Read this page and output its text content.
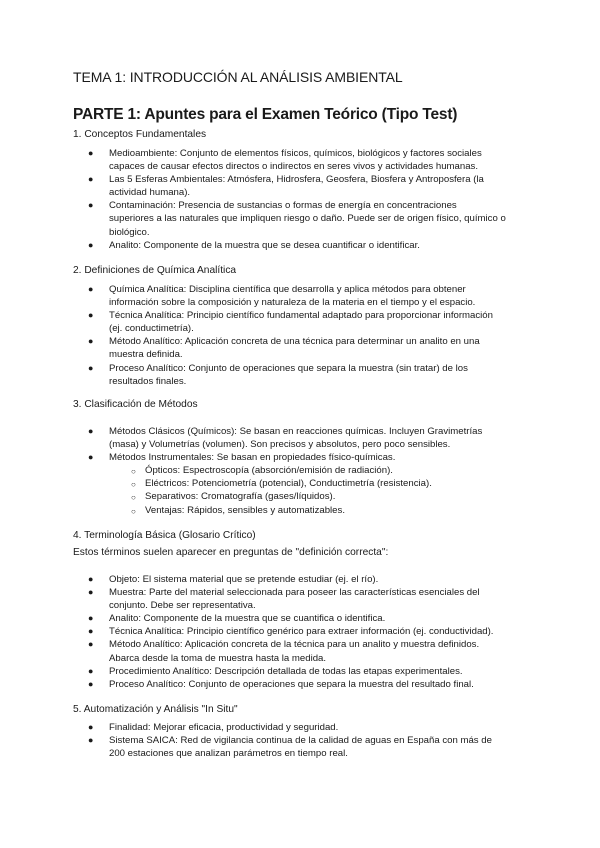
TEMA 1: INTRODUCCIÓN AL ANÁLISIS AMBIENTAL
PARTE 1: Apuntes para el Examen Teórico (Tipo Test)
1. Conceptos Fundamentales
● Medioambiente: Conjunto de elementos físicos, químicos, biológicos y factores sociales
capaces de causar efectos directos o indirectos en seres vivos y actividades humanas.
● Las 5 Esferas Ambientales: Atmósfera, Hidrosfera, Geosfera, Biosfera y Antroposfera (la
actividad humana).
● Contaminación: Presencia de sustancias o formas de energía en concentraciones
superiores a las naturales que impliquen riesgo o daño. Puede ser de origen físico, químico o
biológico.
● Analito: Componente de la muestra que se desea cuantificar o identificar.
2. Definiciones de Química Analítica
● Química Analítica: Disciplina científica que desarrolla y aplica métodos para obtener
información sobre la composición y naturaleza de la materia en el tiempo y el espacio.
● Técnica Analítica: Principio científico fundamental adaptado para proporcionar información
(ej. conductimetría).
● Método Analítico: Aplicación concreta de una técnica para determinar un analito en una
muestra definida.
● Proceso Analítico: Conjunto de operaciones que separa la muestra (sin tratar) de los
resultados finales.
3. Clasificación de Métodos
● Métodos Clásicos (Químicos): Se basan en reacciones químicas. Incluyen Gravimetrías
(masa) y Volumetrías (volumen). Son precisos y absolutos, pero poco sensibles.
● Métodos Instrumentales: Se basan en propiedades físico-químicas.
○ Ópticos: Espectroscopía (absorción/emisión de radiación).
○ Eléctricos: Potenciometría (potencial), Conductimetría (resistencia).
○ Separativos: Cromatografía (gases/líquidos).
○ Ventajas: Rápidos, sensibles y automatizables.
4. Terminología Básica (Glosario Crítico)
Estos términos suelen aparecer en preguntas de "definición correcta":
● Objeto: El sistema material que se pretende estudiar (ej. el río).
● Muestra: Parte del material seleccionada para poseer las características esenciales del
conjunto. Debe ser representativa.
● Analito: Componente de la muestra que se cuantifica o identifica.
● Técnica Analítica: Principio científico genérico para extraer información (ej. conductividad).
● Método Analítico: Aplicación concreta de la técnica para un analito y muestra definidos.
Abarca desde la toma de muestra hasta la medida.
● Procedimiento Analítico: Descripción detallada de todas las etapas experimentales.
● Proceso Analítico: Conjunto de operaciones que separa la muestra del resultado final.
5. Automatización y Análisis "In Situ"
● Finalidad: Mejorar eficacia, productividad y seguridad.
● Sistema SAICA: Red de vigilancia continua de la calidad de aguas en España con más de
200 estaciones que analizan parámetros en tiempo real.
